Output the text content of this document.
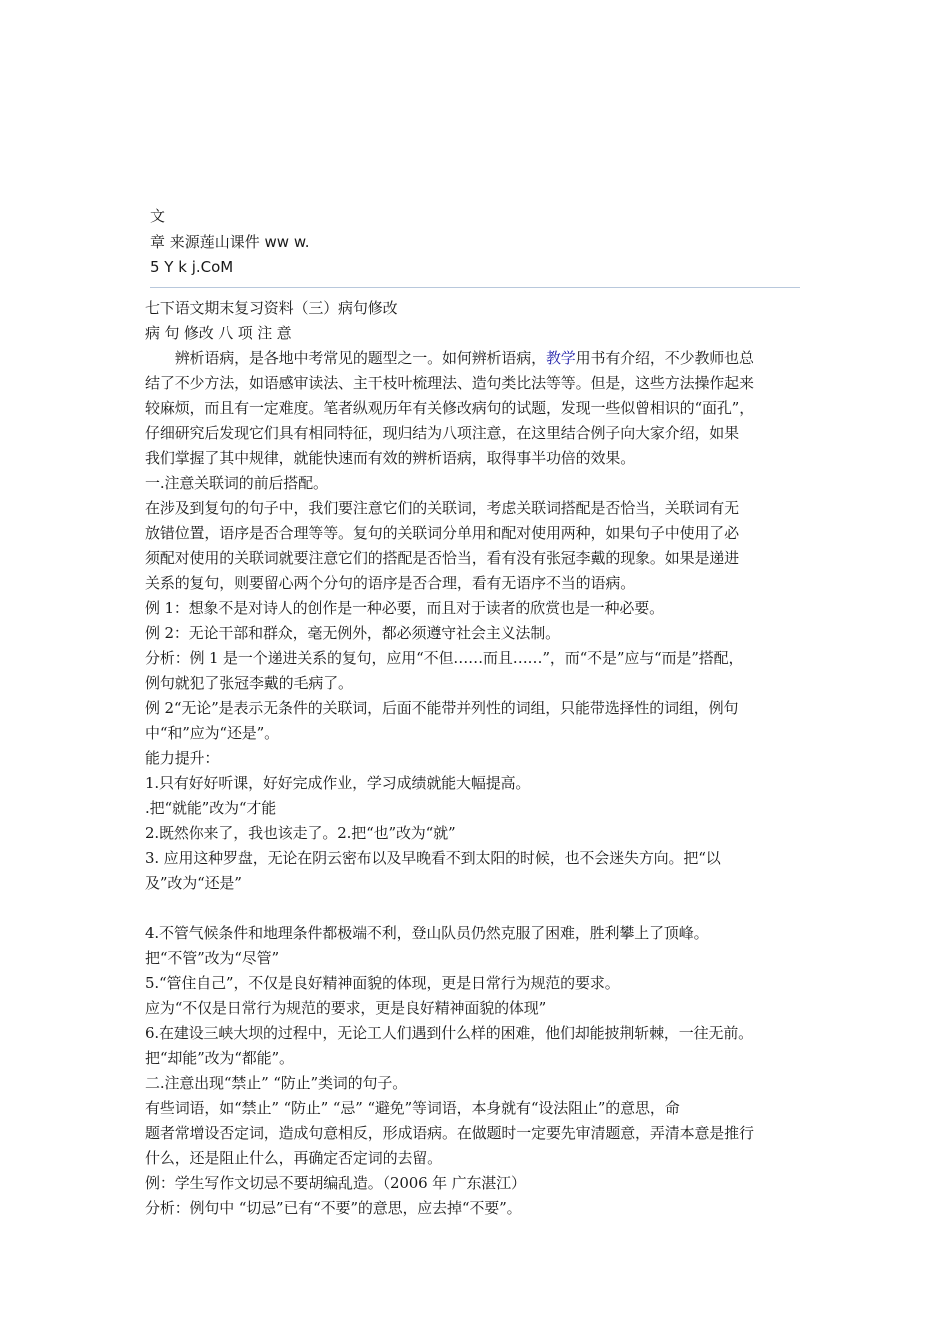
文
章 来源莲山课件 ww w.
5 Y k j.CoM
七下语文期末复习资料（三）病句修改
病 句 修改 八 项 注 意
　　辨析语病，是各地中考常见的题型之一。如何辨析语病，教学用书有介绍，不少教师也总
结了不少方法，如语感审读法、主干枝叶梳理法、造句类比法等等。但是，这些方法操作起来
较麻烦，而且有一定难度。笔者纵观历年有关修改病句的试题，发现一些似曾相识的“面孔”，
仔细研究后发现它们具有相同特征，现归结为八项注意，在这里结合例子向大家介绍，如果
我们掌握了其中规律，就能快速而有效的辨析语病，取得事半功倍的效果。
一.注意关联词的前后搭配。
在涉及到复句的句子中，我们要注意它们的关联词，考虑关联词搭配是否恰当，关联词有无
放错位置，语序是否合理等等。复句的关联词分单用和配对使用两种，如果句子中使用了必
须配对使用的关联词就要注意它们的搭配是否恰当，看有没有张冠李戴的现象。如果是递进
关系的复句，则要留心两个分句的语序是否合理，看有无语序不当的语病。
例 1：想象不是对诗人的创作是一种必要，而且对于读者的欣赏也是一种必要。
例 2：无论干部和群众，毫无例外，都必须遵守社会主义法制。
分析：例 1 是一个递进关系的复句，应用“不但……而且……”，而“不是”应与“而是”搭配，
例句就犯了张冠李戴的毛病了。
例 2“无论”是表示无条件的关联词，后面不能带并列性的词组，只能带选择性的词组，例句
中“和”应为“还是”。
能力提升：
1.只有好好听课，好好完成作业，学习成绩就能大幅提高。
.把“就能”改为“才能
2.既然你来了，我也该走了。2.把“也”改为“就”
3. 应用这种罗盘，无论在阴云密布以及早晚看不到太阳的时候，也不会迷失方向。把“以
及”改为“还是”
4.不管气候条件和地理条件都极端不利，登山队员仍然克服了困难，胜利攀上了顶峰。
把“不管”改为“尽管”
5.“管住自己”，不仅是良好精神面貌的体现，更是日常行为规范的要求。
应为“不仅是日常行为规范的要求，更是良好精神面貌的体现”
6.在建设三峡大坝的过程中，无论工人们遇到什么样的困难，他们却能披荆斩棘，一往无前。
把“却能”改为“都能”。
二.注意出现“禁止” “防止”类词的句子。
有些词语，如“禁止” “防止” “忌” “避免”等词语，本身就有“设法阻止”的意思，命
题者常增设否定词，造成句意相反，形成语病。在做题时一定要先审清题意，弄清本意是推行
什么，还是阻止什么，再确定否定词的去留。
例：学生写作文切忌不要胡编乱造。（2006 年 广东湛江）
分析：例句中 “切忌”已有“不要”的意思，应去掉“不要”。
